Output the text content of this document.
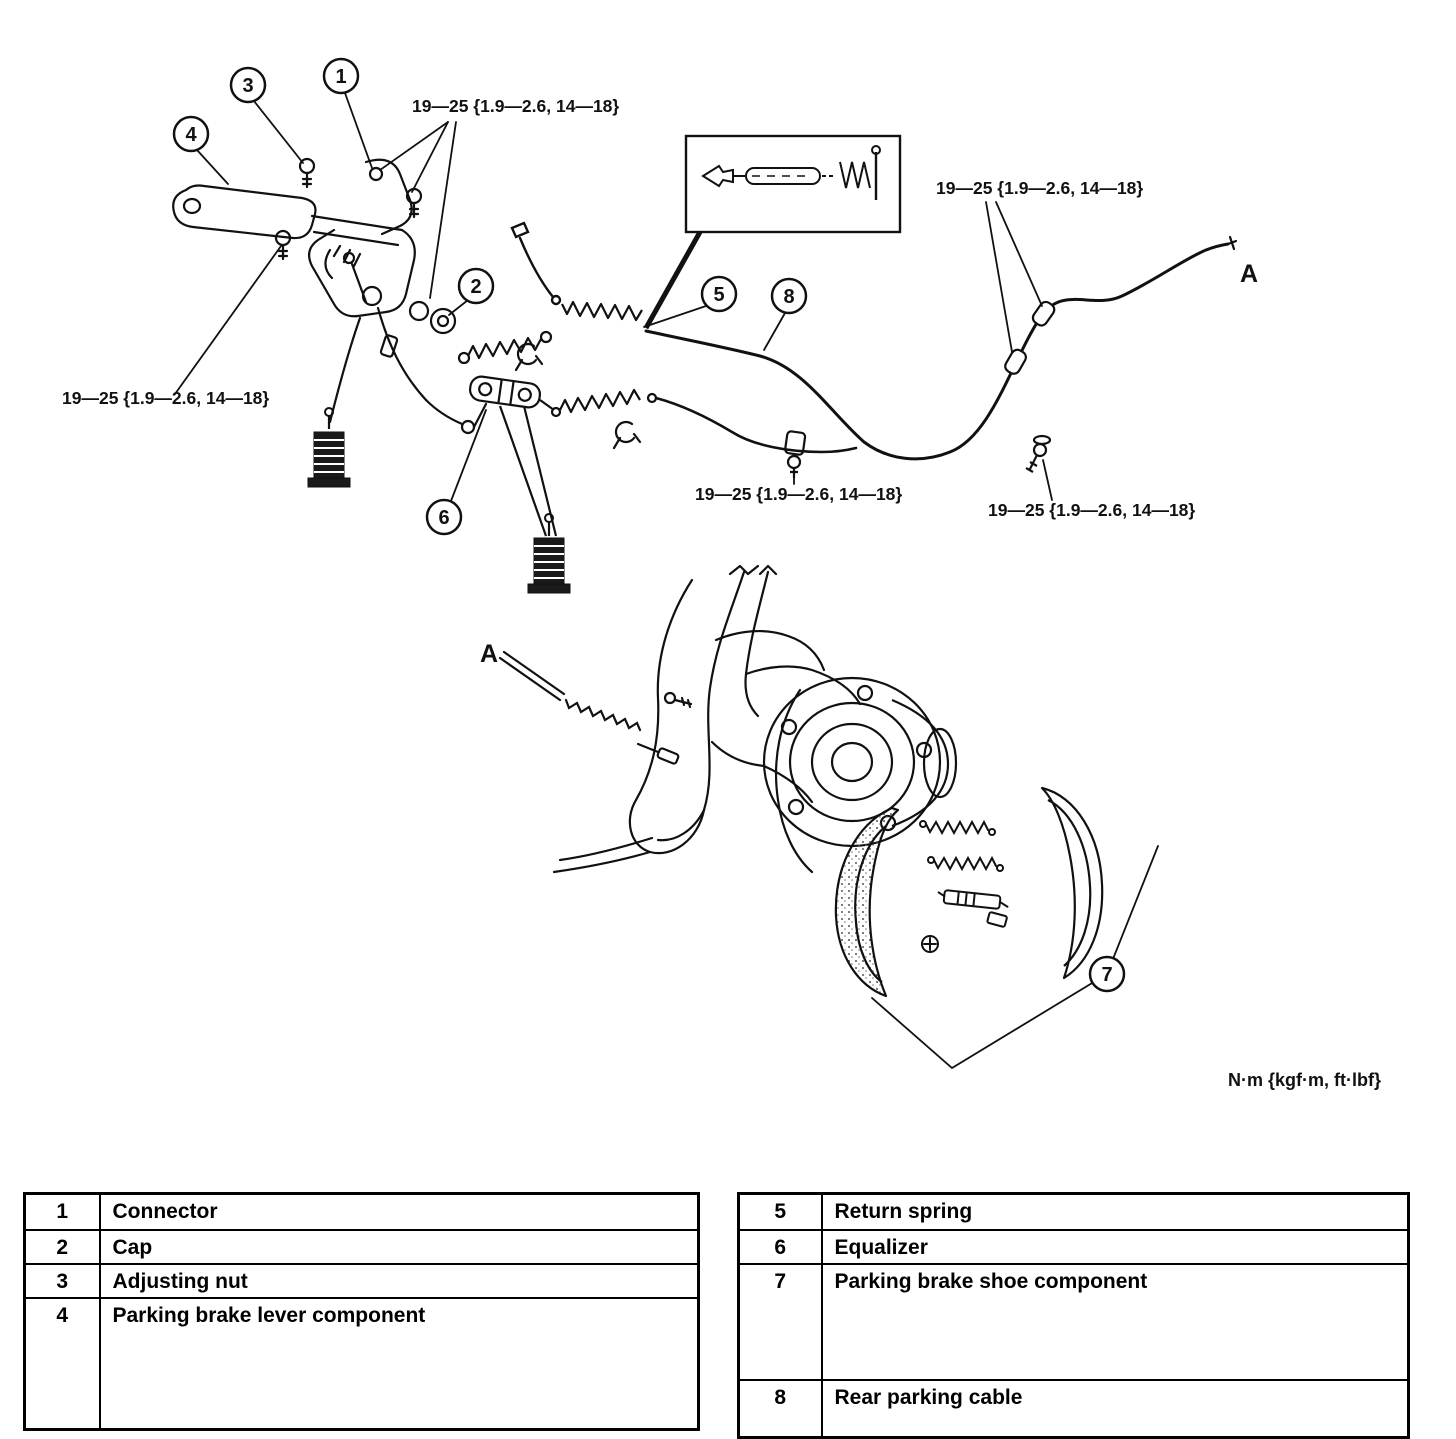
1
2
3
4
5
6
7
8
19—25 {1.9—2.6, 14—18}
19—25 {1.9—2.6, 14—18}
19—25 {1.9—2.6, 14—18}
19—25 {1.9—2.6, 14—18}
19—25 {1.9—2.6, 14—18}
A
A
N·m {kgf·m, ft·lbf}
1	Connector
2	Cap
3	Adjusting nut
4	Parking brake lever component
5	Return spring
6	Equalizer
7	Parking brake shoe component
8	Rear parking cable
